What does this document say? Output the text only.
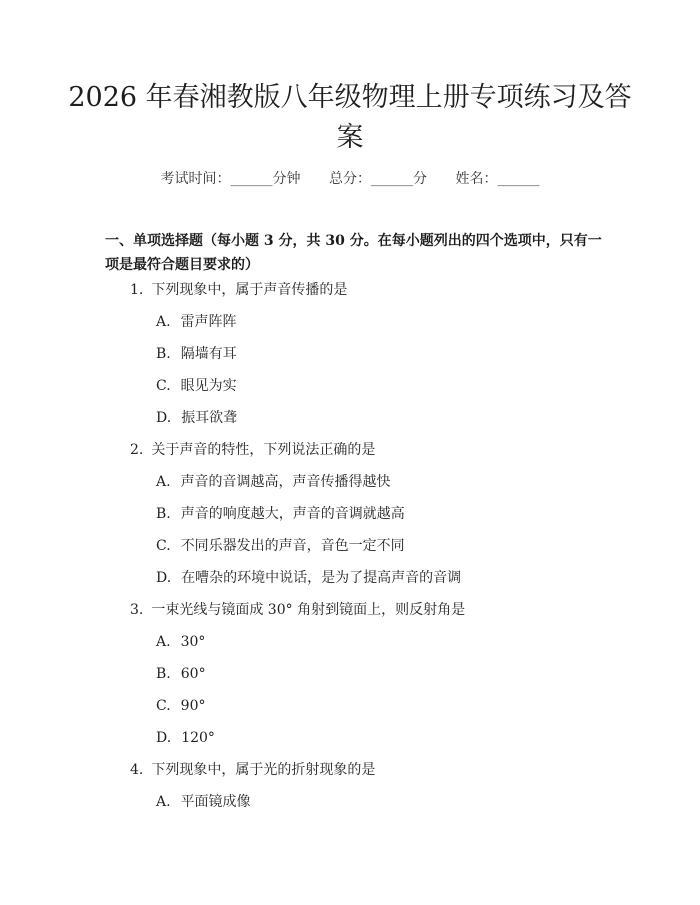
2026 年春湘教版八年级物理上册专项练习及答案
考试时间：______分钟 总分：______分 姓名：______
一、单项选择题（每小题 3 分，共 30 分。在每小题列出的四个选项中，只有一项是最符合题目要求的）
1. 下列现象中，属于声音传播的是
A. 雷声阵阵
B. 隔墙有耳
C. 眼见为实
D. 振耳欲聋
2. 关于声音的特性，下列说法正确的是
A. 声音的音调越高，声音传播得越快
B. 声音的响度越大，声音的音调就越高
C. 不同乐器发出的声音，音色一定不同
D. 在嘈杂的环境中说话，是为了提高声音的音调
3. 一束光线与镜面成 30° 角射到镜面上，则反射角是
A. 30°
B. 60°
C. 90°
D. 120°
4. 下列现象中，属于光的折射现象的是
A. 平面镜成像
